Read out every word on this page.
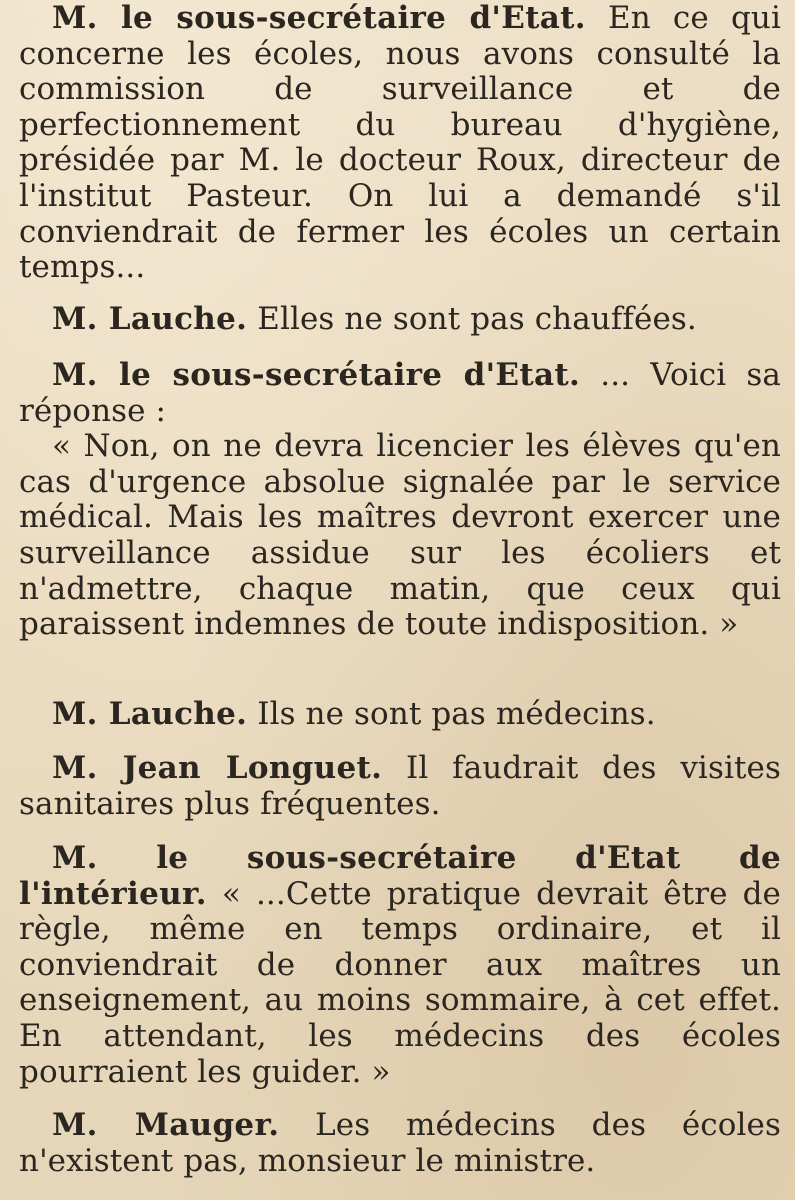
M. le sous-secrétaire d'Etat. En ce qui concerne les écoles, nous avons consulté la commission de surveillance et de perfectionnement du bureau d'hygiène, présidée par M. le docteur Roux, directeur de l'institut Pasteur. On lui a demandé s'il conviendrait de fermer les écoles un certain temps...

M. Lauche. Elles ne sont pas chauffées.

M. le sous-secrétaire d'Etat. ... Voici sa réponse :
« Non, on ne devra licencier les élèves qu'en cas d'urgence absolue signalée par le service médical. Mais les maîtres devront exercer une surveillance assidue sur les écoliers et n'admettre, chaque matin, que ceux qui paraissent indemnes de toute indisposition. »

M. Lauche. Ils ne sont pas médecins.

M. Jean Longuet. Il faudrait des visites sanitaires plus fréquentes.

M. le sous-secrétaire d'Etat de l'intérieur. « ...Cette pratique devrait être de règle, même en temps ordinaire, et il conviendrait de donner aux maîtres un enseignement, au moins sommaire, à cet effet. En attendant, les médecins des écoles pourraient les guider. »

M. Mauger. Les médecins des écoles n'existent pas, monsieur le ministre.
